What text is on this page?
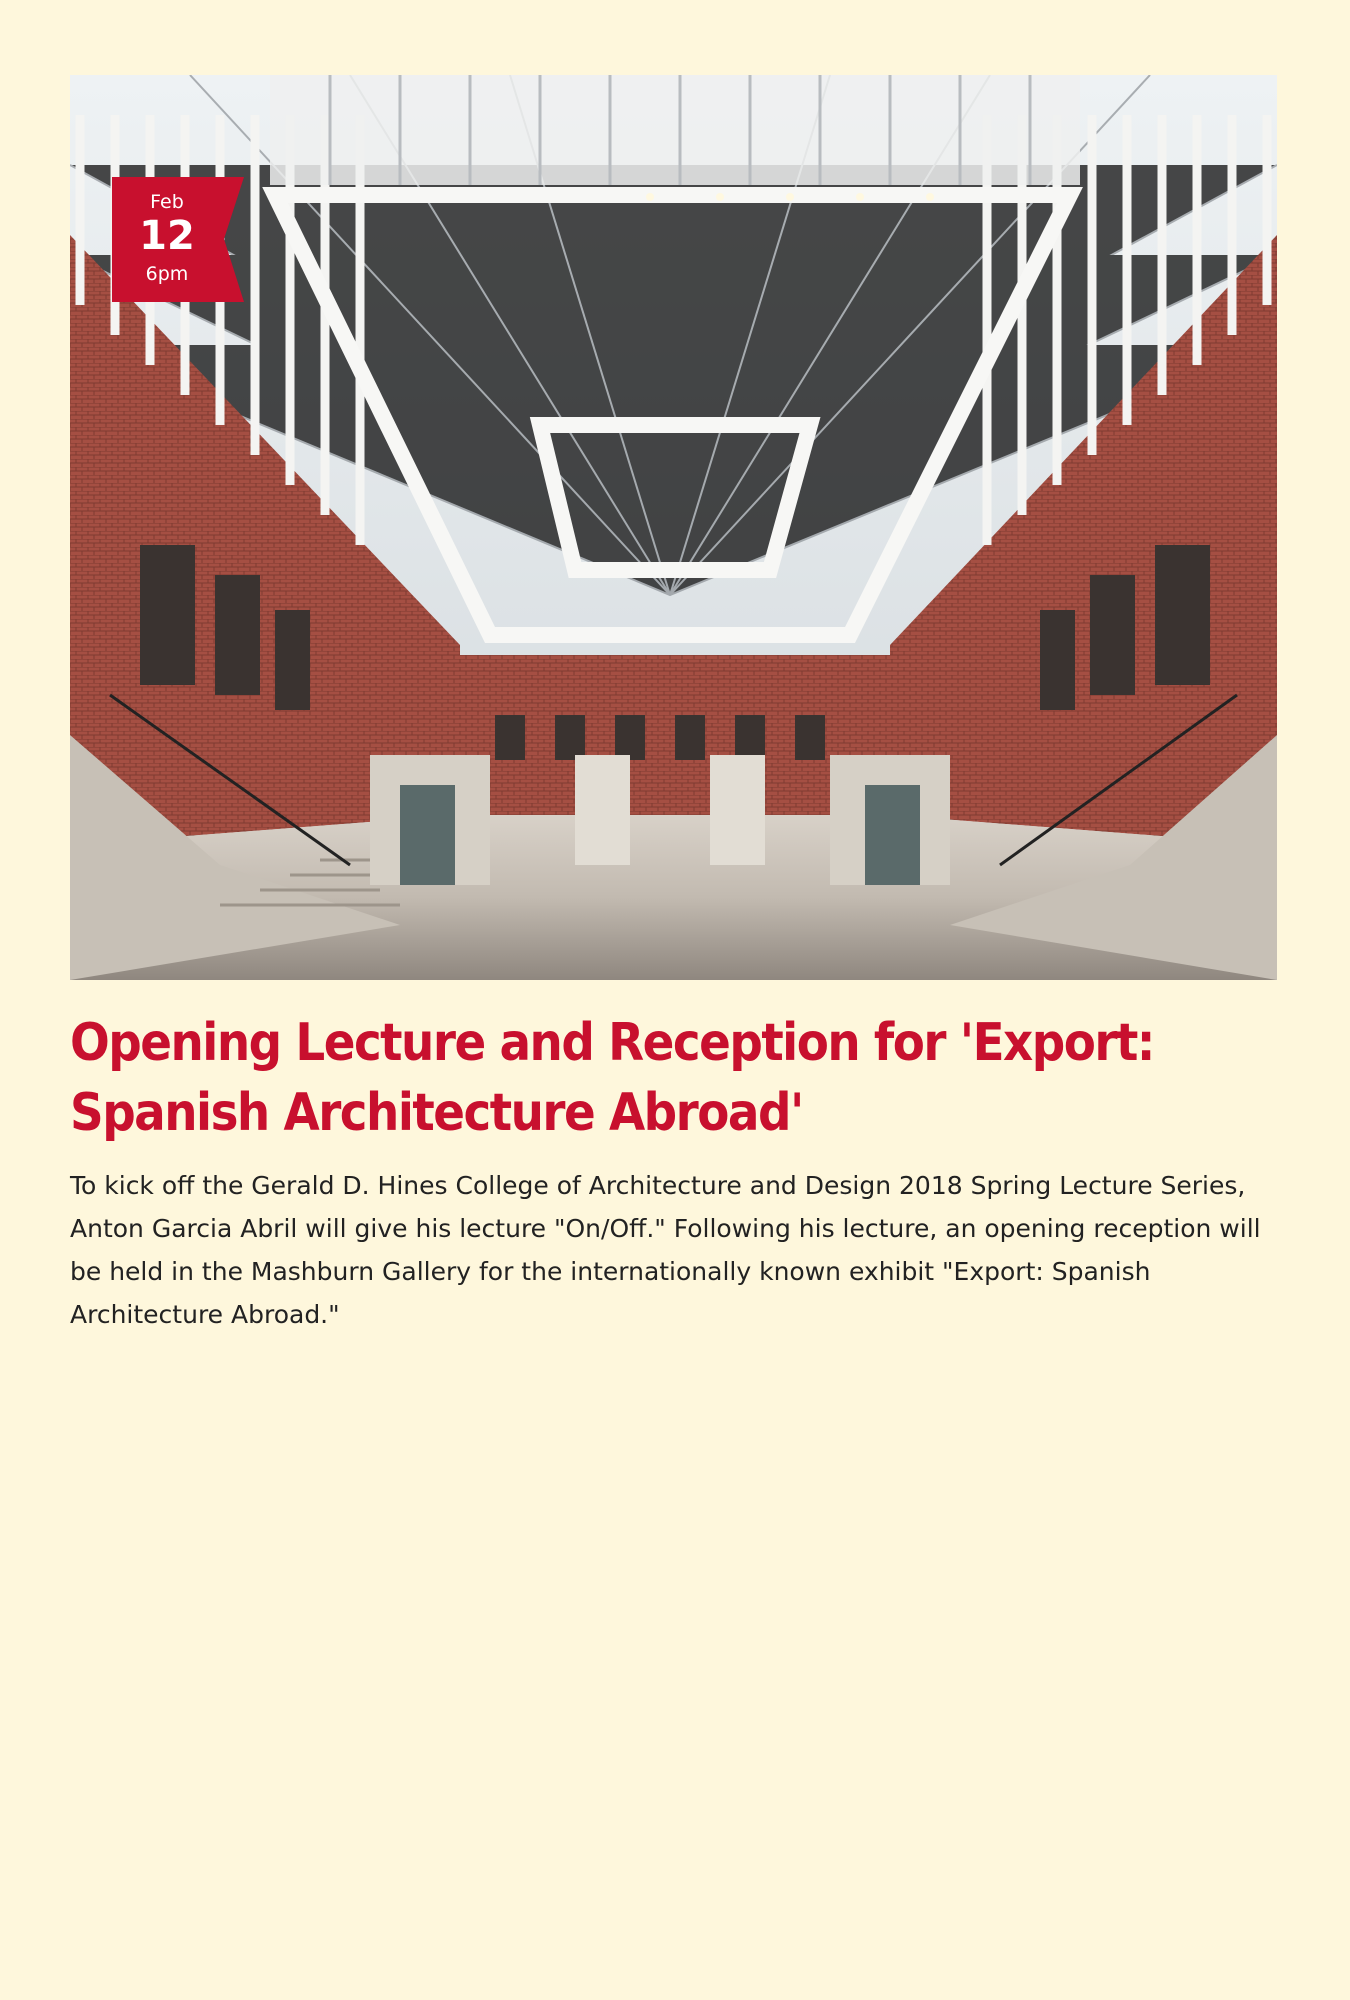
Feb
12
6pm
Opening Lecture and Reception for 'Export: Spanish Architecture Abroad'

To kick off the Gerald D. Hines College of Architecture and Design 2018 Spring Lecture Series, Anton Garcia Abril will give his lecture "On/Off." Following his lecture, an opening reception will be held in the Mashburn Gallery for the internationally known exhibit "Export: Spanish Architecture Abroad."
